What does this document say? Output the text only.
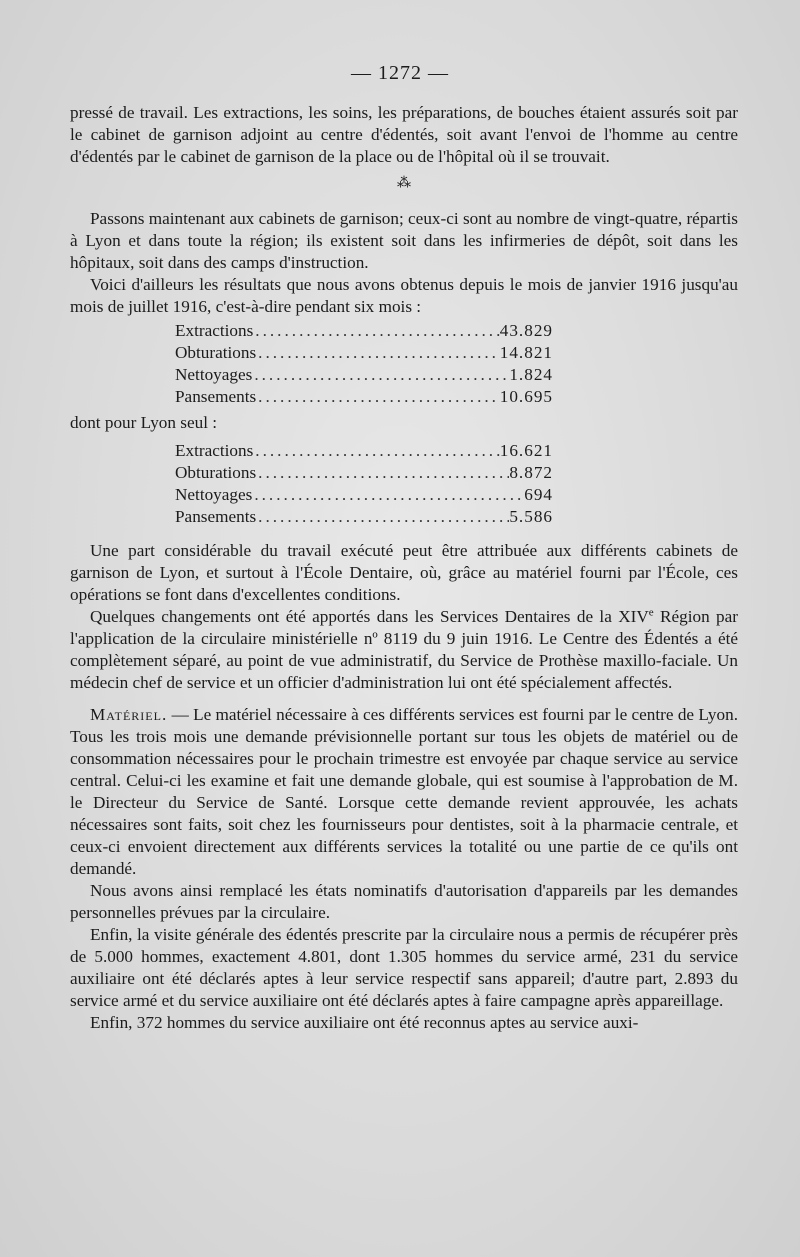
— 1272 —

pressé de travail. Les extractions, les soins, les préparations, de bouches étaient assurés soit par le cabinet de garnison adjoint au centre d'édentés, soit avant l'envoi de l'homme au centre d'édentés par le cabinet de garnison de la place ou de l'hôpital où il se trouvait.

⁂

Passons maintenant aux cabinets de garnison; ceux-ci sont au nombre de vingt-quatre, répartis à Lyon et dans toute la région; ils existent soit dans les infirmeries de dépôt, soit dans les hôpitaux, soit dans des camps d'instruction.

Voici d'ailleurs les résultats que nous avons obtenus depuis le mois de janvier 1916 jusqu'au mois de juillet 1916, c'est-à-dire pendant six mois :

Extractions .....	43.829
Obturations .....	14.821
Nettoyages .....	1.824
Pansements .....	10.695
dont pour Lyon seul :
Extractions .....	16.621
Obturations .....	8.872
Nettoyages .....	694
Pansements .....	5.586

Une part considérable du travail exécuté peut être attribuée aux différents cabinets de garnison de Lyon, et surtout à l'École Dentaire, où, grâce au matériel fourni par l'École, ces opérations se font dans d'excellentes conditions.

Quelques changements ont été apportés dans les Services Dentaires de la XIVe Région par l'application de la circulaire ministérielle nº 8119 du 9 juin 1916. Le Centre des Édentés a été complètement séparé, au point de vue administratif, du Service de Prothèse maxillo-faciale. Un médecin chef de service et un officier d'administration lui ont été spécialement affectés.

Matériel. — Le matériel nécessaire à ces différents services est fourni par le centre de Lyon. Tous les trois mois une demande prévisionnelle portant sur tous les objets de matériel ou de consommation nécessaires pour le prochain trimestre est envoyée par chaque service au service central. Celui-ci les examine et fait une demande globale, qui est soumise à l'approbation de M. le Directeur du Service de Santé. Lorsque cette demande revient approuvée, les achats nécessaires sont faits, soit chez les fournisseurs pour dentistes, soit à la pharmacie centrale, et ceux-ci envoient directement aux différents services la totalité ou une partie de ce qu'ils ont demandé.

Nous avons ainsi remplacé les états nominatifs d'autorisation d'appareils par les demandes personnelles prévues par la circulaire.

Enfin, la visite générale des édentés prescrite par la circulaire nous a permis de récupérer près de 5.000 hommes, exactement 4.801, dont 1.305 hommes du service armé, 231 du service auxiliaire ont été déclarés aptes à leur service respectif sans appareil; d'autre part, 2.893 du service armé et du service auxiliaire ont été déclarés aptes à faire campagne après appareillage.

Enfin, 372 hommes du service auxiliaire ont été reconnus aptes au service auxi-
